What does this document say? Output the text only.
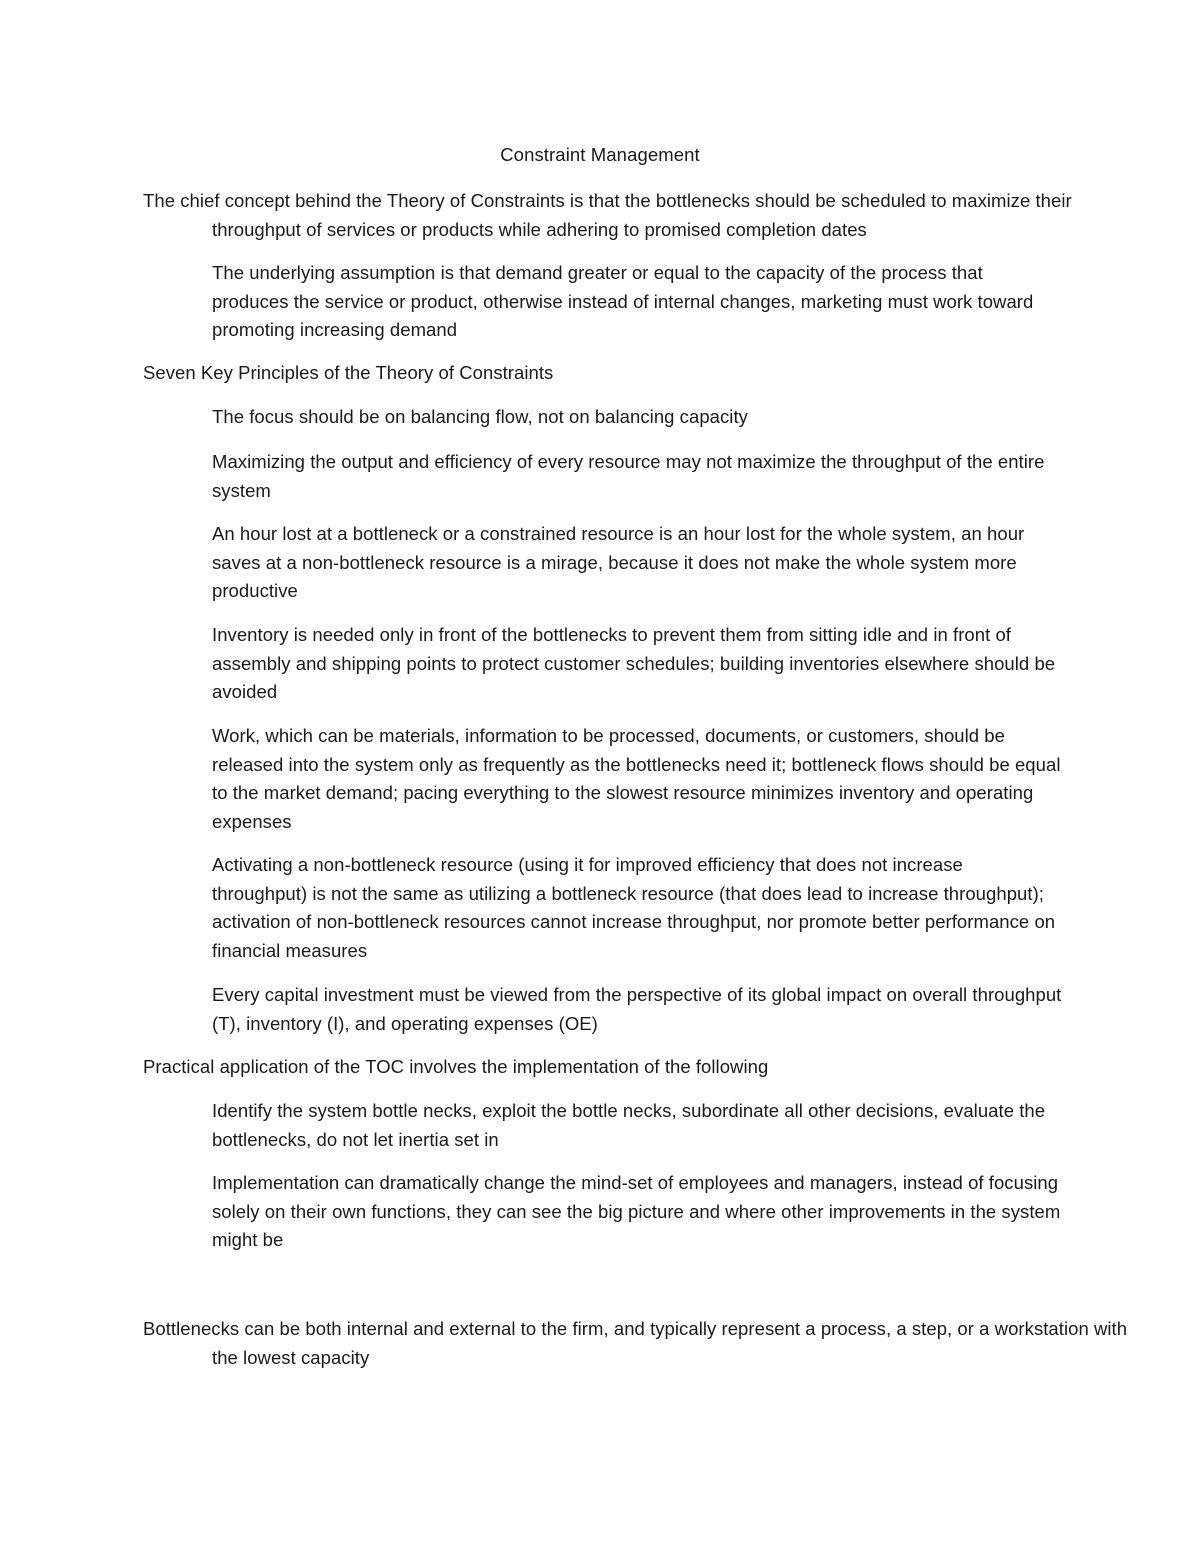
Constraint Management

The chief concept behind the Theory of Constraints is that the bottlenecks should be scheduled to maximize their throughput of services or products while adhering to promised completion dates

The underlying assumption is that demand greater or equal to the capacity of the process that produces the service or product, otherwise instead of internal changes, marketing must work toward promoting increasing demand

Seven Key Principles of the Theory of Constraints

The focus should be on balancing flow, not on balancing capacity

Maximizing the output and efficiency of every resource may not maximize the throughput of the entire system

An hour lost at a bottleneck or a constrained resource is an hour lost for the whole system, an hour saves at a non-bottleneck resource is a mirage, because it does not make the whole system more productive

Inventory is needed only in front of the bottlenecks to prevent them from sitting idle and in front of assembly and shipping points to protect customer schedules; building inventories elsewhere should be avoided

Work, which can be materials, information to be processed, documents, or customers, should be released into the system only as frequently as the bottlenecks need it; bottleneck flows should be equal to the market demand; pacing everything to the slowest resource minimizes inventory and operating expenses

Activating a non-bottleneck resource (using it for improved efficiency that does not increase throughput) is not the same as utilizing a bottleneck resource (that does lead to increase throughput); activation of non-bottleneck resources cannot increase throughput, nor promote better performance on financial measures

Every capital investment must be viewed from the perspective of its global impact on overall throughput (T), inventory (I), and operating expenses (OE)

Practical application of the TOC involves the implementation of the following

Identify the system bottle necks, exploit the bottle necks, subordinate all other decisions, evaluate the bottlenecks, do not let inertia set in

Implementation can dramatically change the mind-set of employees and managers, instead of focusing solely on their own functions, they can see the big picture and where other improvements in the system might be

Bottlenecks can be both internal and external to the firm, and typically represent a process, a step, or a workstation with the lowest capacity
